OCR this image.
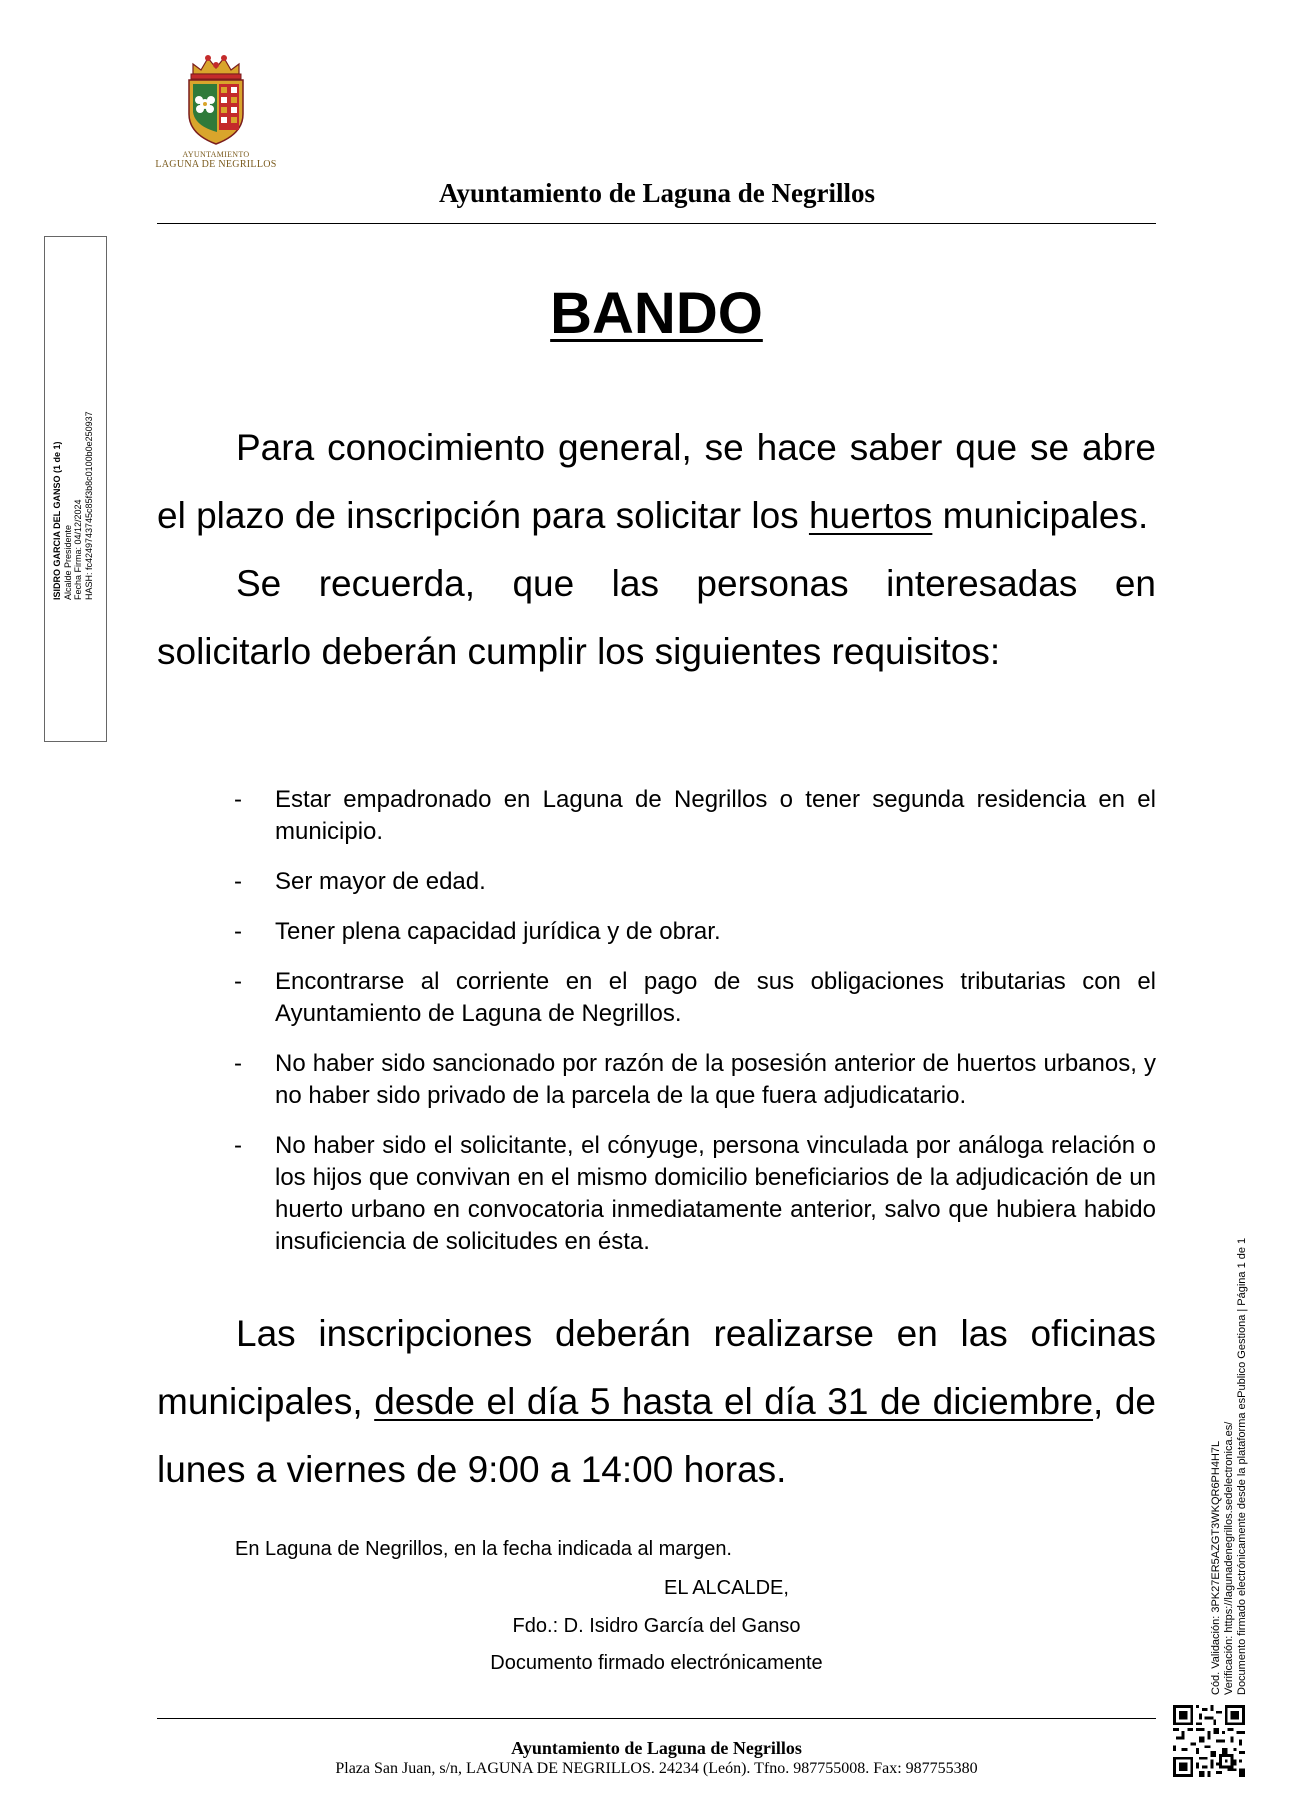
AYUNTAMIENTO
LAGUNA DE NEGRILLOS
Ayuntamiento de Laguna de Negrillos
ISIDRO GARCIA DEL GANSO (1 de 1) Alcalde Presidente Fecha Firma: 04/12/2024 HASH: fc4249743745c85f3b8c0100b0e250937
BANDO

Para conocimiento general, se hace saber que se abre el plazo de inscripción para solicitar los huertos municipales.

Se recuerda, que las personas interesadas en solicitarlo deberán cumplir los siguientes requisitos:

- Estar empadronado en Laguna de Negrillos o tener segunda residencia en el municipio.
- Ser mayor de edad.
- Tener plena capacidad jurídica y de obrar.
- Encontrarse al corriente en el pago de sus obligaciones tributarias con el Ayuntamiento de Laguna de Negrillos.
- No haber sido sancionado por razón de la posesión anterior de huertos urbanos, y no haber sido privado de la parcela de la que fuera adjudicatario.
- No haber sido el solicitante, el cónyuge, persona vinculada por análoga relación o los hijos que convivan en el mismo domicilio beneficiarios de la adjudicación de un huerto urbano en convocatoria inmediatamente anterior, salvo que hubiera habido insuficiencia de solicitudes en ésta.

Las inscripciones deberán realizarse en las oficinas municipales, desde el día 5 hasta el día 31 de diciembre, de lunes a viernes de 9:00 a 14:00 horas.

En Laguna de Negrillos, en la fecha indicada al margen.
EL ALCALDE,
Fdo.: D. Isidro García del Ganso
Documento firmado electrónicamente
Ayuntamiento de Laguna de Negrillos
Plaza San Juan, s/n, LAGUNA DE NEGRILLOS. 24234 (León). Tfno. 987755008. Fax: 987755380
Cód. Validación: 3PK27ER5AZGT3WKQR6PH4H7L Verificación: https://lagunadenegrillos.sedelectronica.es/ Documento firmado electrónicamente desde la plataforma esPublico Gestiona | Página 1 de 1
